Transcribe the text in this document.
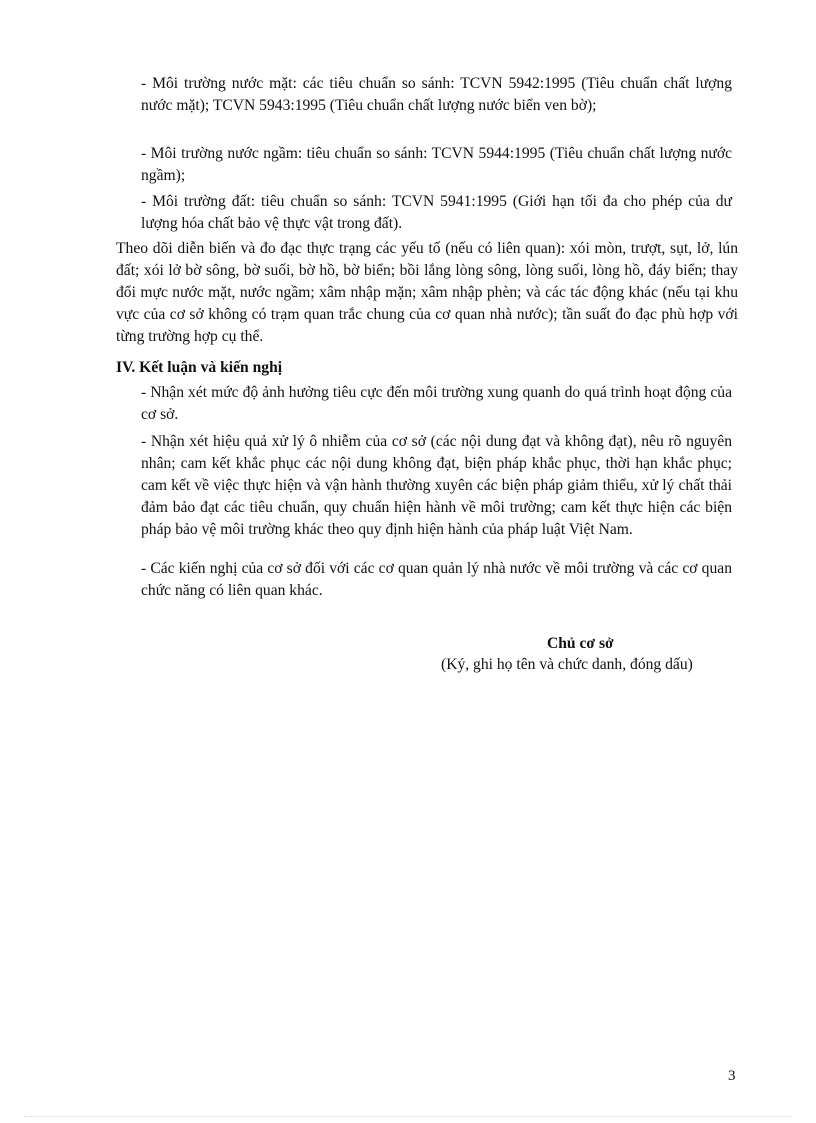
- Môi trường nước mặt: các tiêu chuẩn so sánh: TCVN 5942:1995 (Tiêu chuẩn chất lượng nước mặt); TCVN 5943:1995 (Tiêu chuẩn chất lượng nước biển ven bờ);

- Môi trường nước ngầm: tiêu chuẩn so sánh: TCVN 5944:1995 (Tiêu chuẩn chất lượng nước ngầm);

- Môi trường đất: tiêu chuẩn so sánh: TCVN 5941:1995 (Giới hạn tối đa cho phép của dư lượng hóa chất bảo vệ thực vật trong đất).

Theo dõi diễn biến và đo đạc thực trạng các yếu tố (nếu có liên quan): xói mòn, trượt, sụt, lở, lún đất; xói lở bờ sông, bờ suối, bờ hồ, bờ biển; bồi lắng lòng sông, lòng suối, lòng hồ, đáy biển; thay đổi mực nước mặt, nước ngầm; xâm nhập mặn; xâm nhập phèn; và các tác động khác (nếu tại khu vực của cơ sở không có trạm quan trắc chung của cơ quan nhà nước); tần suất đo đạc phù hợp với từng trường hợp cụ thể.

IV. Kết luận và kiến nghị

- Nhận xét mức độ ảnh hưởng tiêu cực đến môi trường xung quanh do quá trình hoạt động của cơ sở.

- Nhận xét hiệu quả xử lý ô nhiễm của cơ sở (các nội dung đạt và không đạt), nêu rõ nguyên nhân; cam kết khắc phục các nội dung không đạt, biện pháp khắc phục, thời hạn khắc phục; cam kết về việc thực hiện và vận hành thường xuyên các biện pháp giảm thiểu, xử lý chất thải đảm bảo đạt các tiêu chuẩn, quy chuẩn hiện hành về môi trường; cam kết thực hiện các biện pháp bảo vệ môi trường khác theo quy định hiện hành của pháp luật Việt Nam.

- Các kiến nghị của cơ sở đối với các cơ quan quản lý nhà nước về môi trường và các cơ quan chức năng có liên quan khác.

Chủ cơ sở
(Ký, ghi họ tên và chức danh, đóng dấu)
3
